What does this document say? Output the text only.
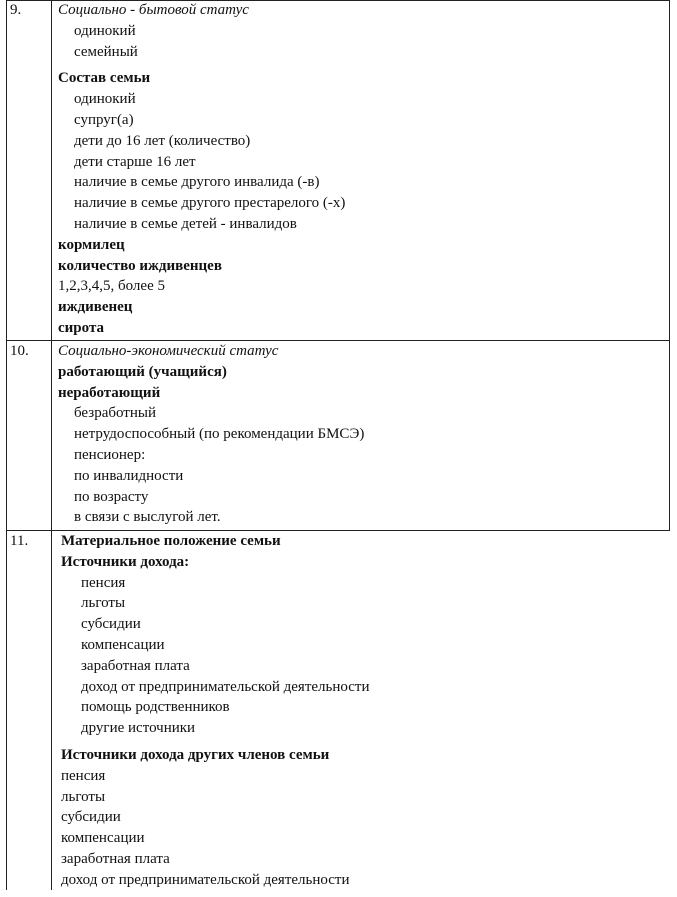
9. Социально - бытовой статус
одинокий
семейный
Состав семьи
одинокий
супруг(а)
дети до 16 лет (количество)
дети старше 16 лет
наличие в семье другого инвалида (-в)
наличие в семье другого престарелого (-х)
наличие в семье детей - инвалидов
кормилец
количество иждивенцев
1,2,3,4,5, более 5
иждивенец
сирота
10. Социально-экономический статус
работающий (учащийся)
неработающий
безработный
нетрудоспособный (по рекомендации БМСЭ)
пенсионер:
по инвалидности
по возрасту
в связи с выслугой лет.
11. Материальное положение семьи
Источники дохода:
пенсия
льготы
субсидии
компенсации
заработная плата
доход от предпринимательской деятельности
помощь родственников
другие источники
Источники дохода других членов семьи
пенсия
льготы
субсидии
компенсации
заработная плата
доход от предпринимательской деятельности
